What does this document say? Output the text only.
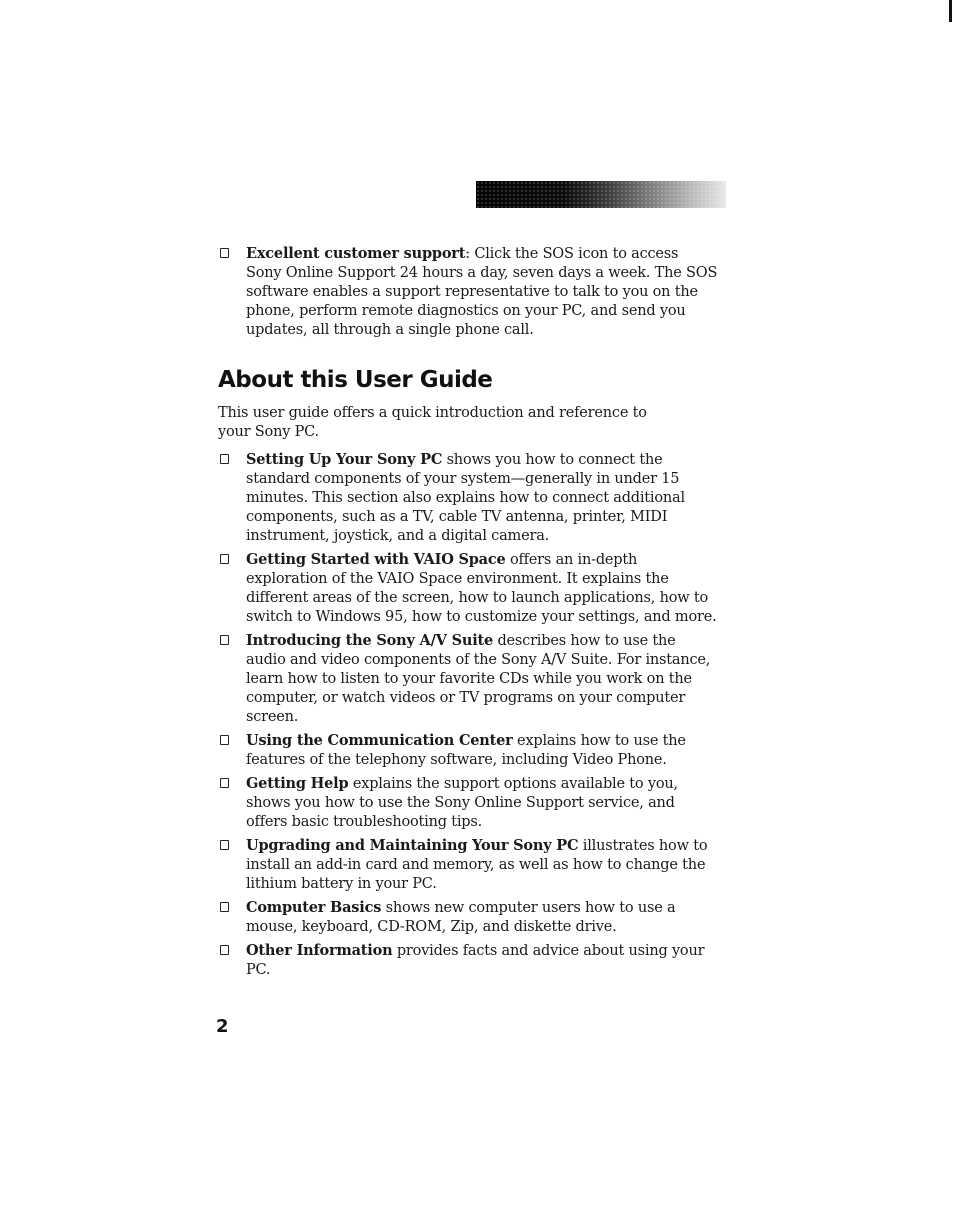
Excellent customer support: Click the SOS icon to access Sony Online Support 24 hours a day, seven days a week. The SOS software enables a support representative to talk to you on the phone, perform remote diagnostics on your PC, and send you updates, all through a single phone call.

About this User Guide

This user guide offers a quick introduction and reference to your Sony PC.

Setting Up Your Sony PC shows you how to connect the standard components of your system—generally in under 15 minutes. This section also explains how to connect additional components, such as a TV, cable TV antenna, printer, MIDI instrument, joystick, and a digital camera.

Getting Started with VAIO Space offers an in-depth exploration of the VAIO Space environment. It explains the different areas of the screen, how to launch applications, how to switch to Windows 95, how to customize your settings, and more.

Introducing the Sony A/V Suite describes how to use the audio and video components of the Sony A/V Suite. For instance, learn how to listen to your favorite CDs while you work on the computer, or watch videos or TV programs on your computer screen.

Using the Communication Center explains how to use the features of the telephony software, including Video Phone.

Getting Help explains the support options available to you, shows you how to use the Sony Online Support service, and offers basic troubleshooting tips.

Upgrading and Maintaining Your Sony PC illustrates how to install an add-in card and memory, as well as how to change the lithium battery in your PC.

Computer Basics shows new computer users how to use a mouse, keyboard, CD-ROM, Zip, and diskette drive.

Other Information provides facts and advice about using your PC.

2
